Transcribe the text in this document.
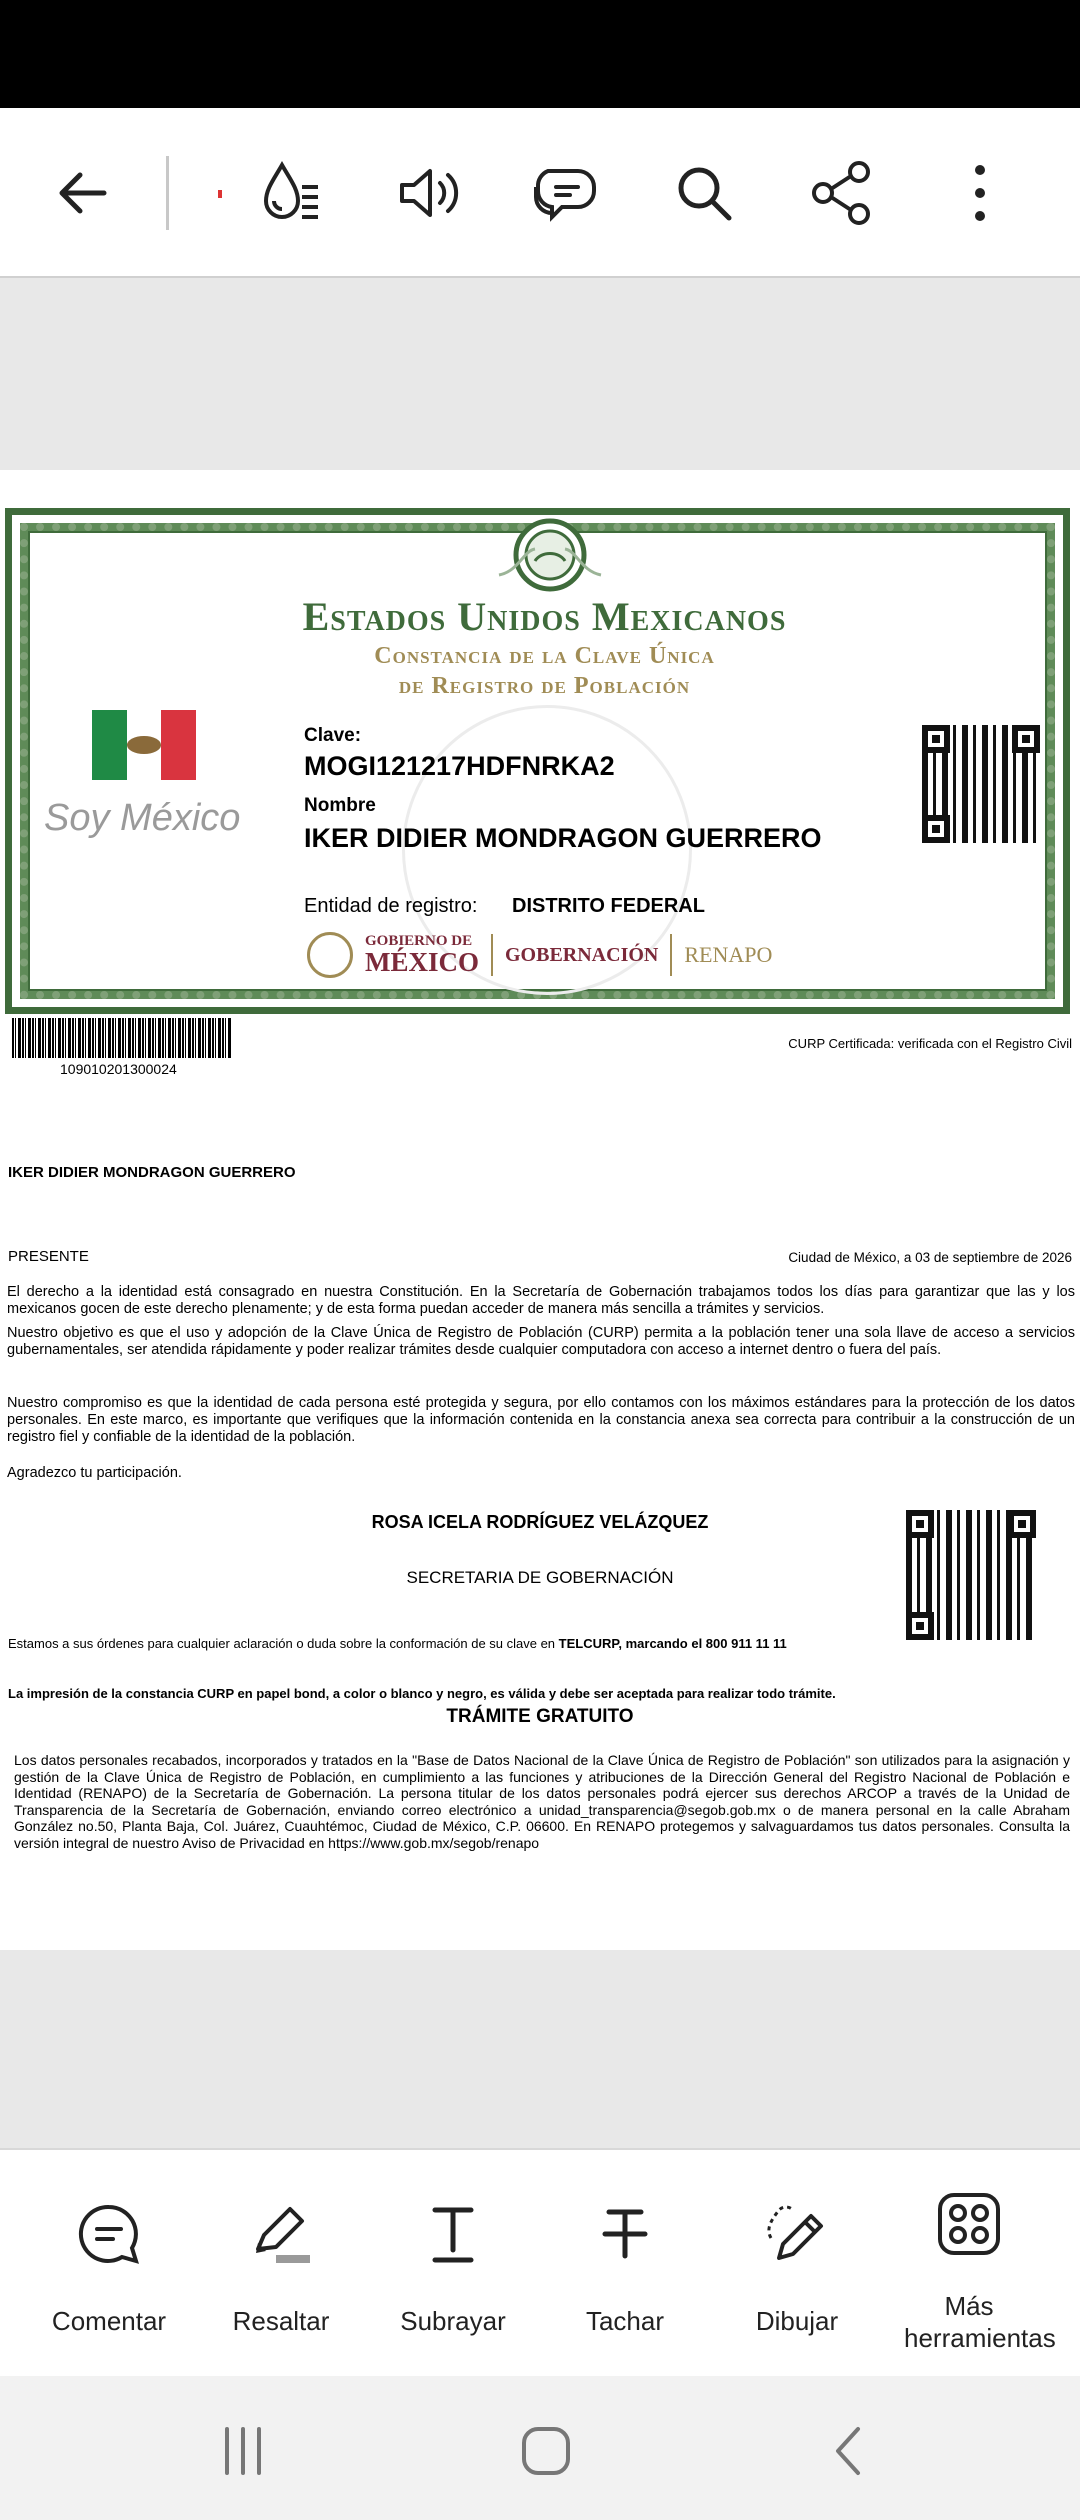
Estados Unidos Mexicanos
Constancia de la Clave Única
de Registro de Población
Soy México
Clave:
MOGI121217HDFNRKA2
Nombre
IKER DIDIER MONDRAGON GUERRERO
Entidad de registro: DISTRITO FEDERAL
GOBIERNO DE
MÉXICO GOBERNACIÓN RENAPO
109010201300024
CURP Certificada: verificada con el Registro Civil
IKER DIDIER MONDRAGON GUERRERO
PRESENTE	Ciudad de México, a 03 de septiembre de 2026
El derecho a la identidad está consagrado en nuestra Constitución. En la Secretaría de Gobernación trabajamos todos los días para garantizar que las y los mexicanos gocen de este derecho plenamente; y de esta forma puedan acceder de manera más sencilla a trámites y servicios.
Nuestro objetivo es que el uso y adopción de la Clave Única de Registro de Población (CURP) permita a la población tener una sola llave de acceso a servicios gubernamentales, ser atendida rápidamente y poder realizar trámites desde cualquier computadora con acceso a internet dentro o fuera del país.
Nuestro compromiso es que la identidad de cada persona esté protegida y segura, por ello contamos con los máximos estándares para la protección de los datos personales. En este marco, es importante que verifiques que la información contenida en la constancia anexa sea correcta para contribuir a la construcción de un registro fiel y confiable de la identidad de la población.
Agradezco tu participación.
ROSA ICELA RODRÍGUEZ VELÁZQUEZ
SECRETARIA DE GOBERNACIÓN
Estamos a sus órdenes para cualquier aclaración o duda sobre la conformación de su clave en TELCURP, marcando el 800 911 11 11
La impresión de la constancia CURP en papel bond, a color o blanco y negro, es válida y debe ser aceptada para realizar todo trámite.
TRÁMITE GRATUITO
Los datos personales recabados, incorporados y tratados en la "Base de Datos Nacional de la Clave Única de Registro de Población" son utilizados para la asignación y gestión de la Clave Única de Registro de Población, en cumplimiento a las funciones y atribuciones de la Dirección General del Registro Nacional de Población e Identidad (RENAPO) de la Secretaría de Gobernación. La persona titular de los datos personales podrá ejercer sus derechos ARCOP a través de la Unidad de Transparencia de la Secretaría de Gobernación, enviando correo electrónico a unidad_transparencia@segob.gob.mx o de manera personal en la calle Abraham González no.50, Planta Baja, Col. Juárez, Cuauhtémoc, Ciudad de México, C.P. 06600. En RENAPO protegemos y salvaguardamos tus datos personales. Consulta la versión integral de nuestro Aviso de Privacidad en https://www.gob.mx/segob/renapo
Comentar	Resaltar	Subrayar	Tachar	Dibujar	Más herramientas
